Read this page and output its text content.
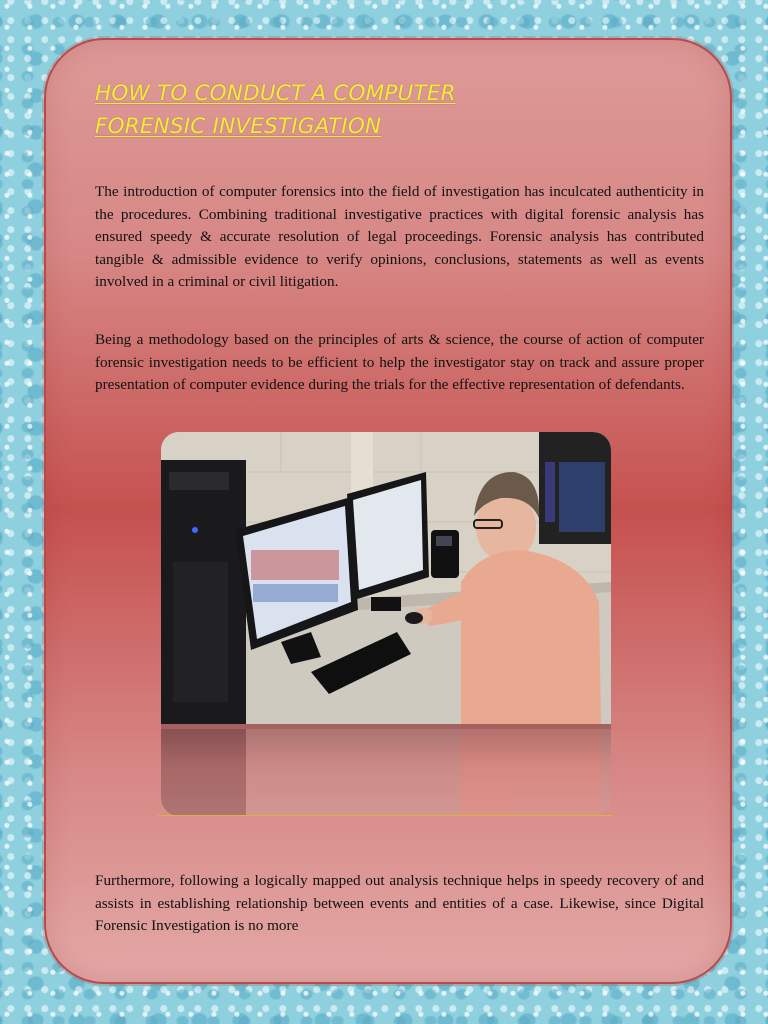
HOW TO CONDUCT A COMPUTER
FORENSIC INVESTIGATION

The introduction of computer forensics into the field of investigation has inculcated authenticity in the procedures. Combining traditional investigative practices with digital forensic analysis has ensured speedy & accurate resolution of legal proceedings. Forensic analysis has contributed tangible & admissible evidence to verify opinions, conclusions, statements as well as events involved in a criminal or civil litigation.

Being a methodology based on the principles of arts & science, the course of action of computer forensic investigation needs to be efficient to help the investigator stay on track and assure proper presentation of computer evidence during the trials for the effective representation of defendants.

Furthermore, following a logically mapped out analysis technique helps in speedy recovery of and assists in establishing relationship between events and entities of a case. Likewise, since Digital Forensic Investigation is no more
